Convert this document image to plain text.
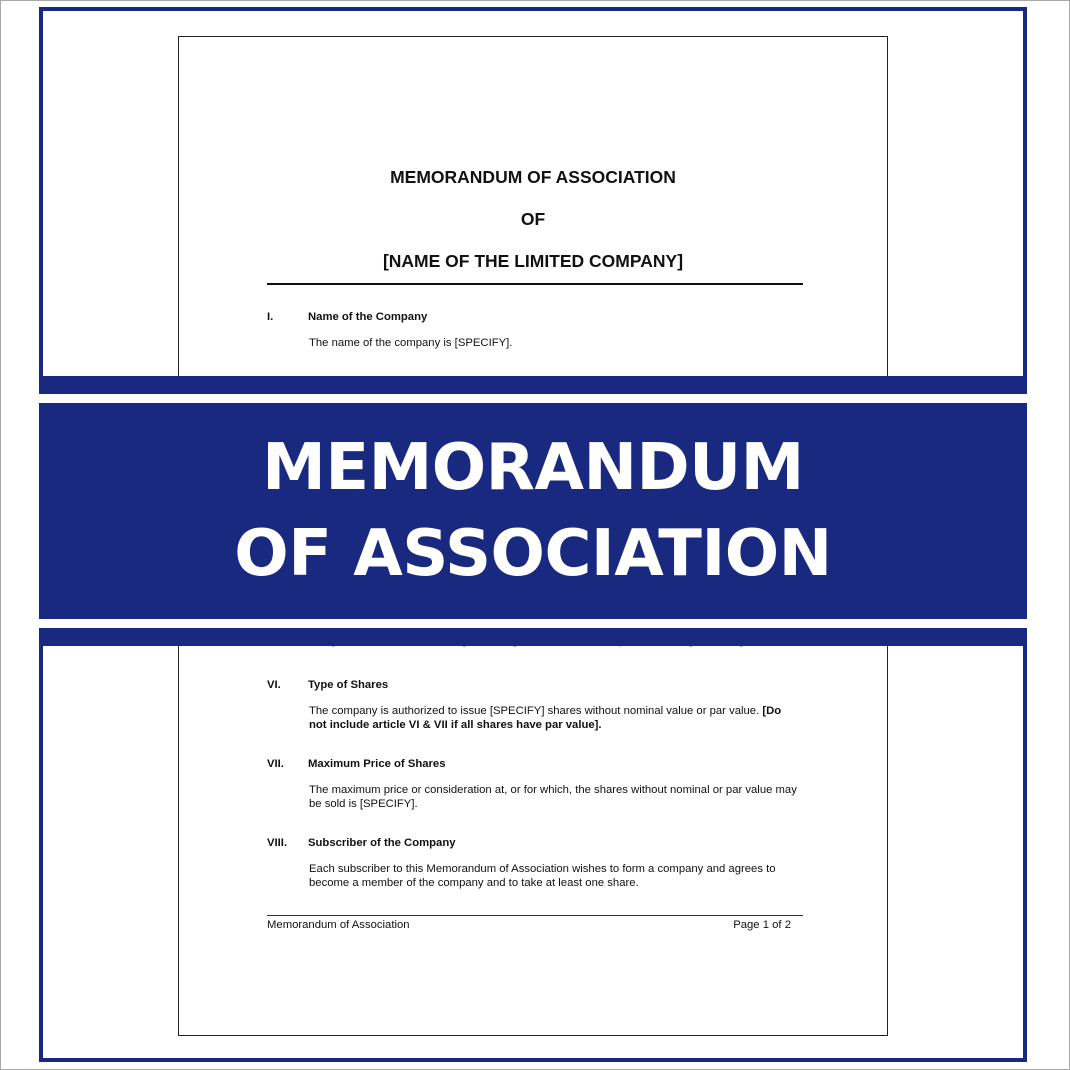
MEMORANDUM OF ASSOCIATION
OF
[NAME OF THE LIMITED COMPANY]
I.	Name of the Company
The name of the company is [SPECIFY].
MEMORANDUM
OF ASSOCIATION
VI.	Type of Shares
The company is authorized to issue [SPECIFY] shares without nominal value or par value. [Do not include article VI & VII if all shares have par value].
VII.	Maximum Price of Shares
The maximum price or consideration at, or for which, the shares without nominal or par value may be sold is [SPECIFY].
VIII.	Subscriber of the Company
Each subscriber to this Memorandum of Association wishes to form a company and agrees to become a member of the company and to take at least one share.
Memorandum of Association	Page 1 of 2
